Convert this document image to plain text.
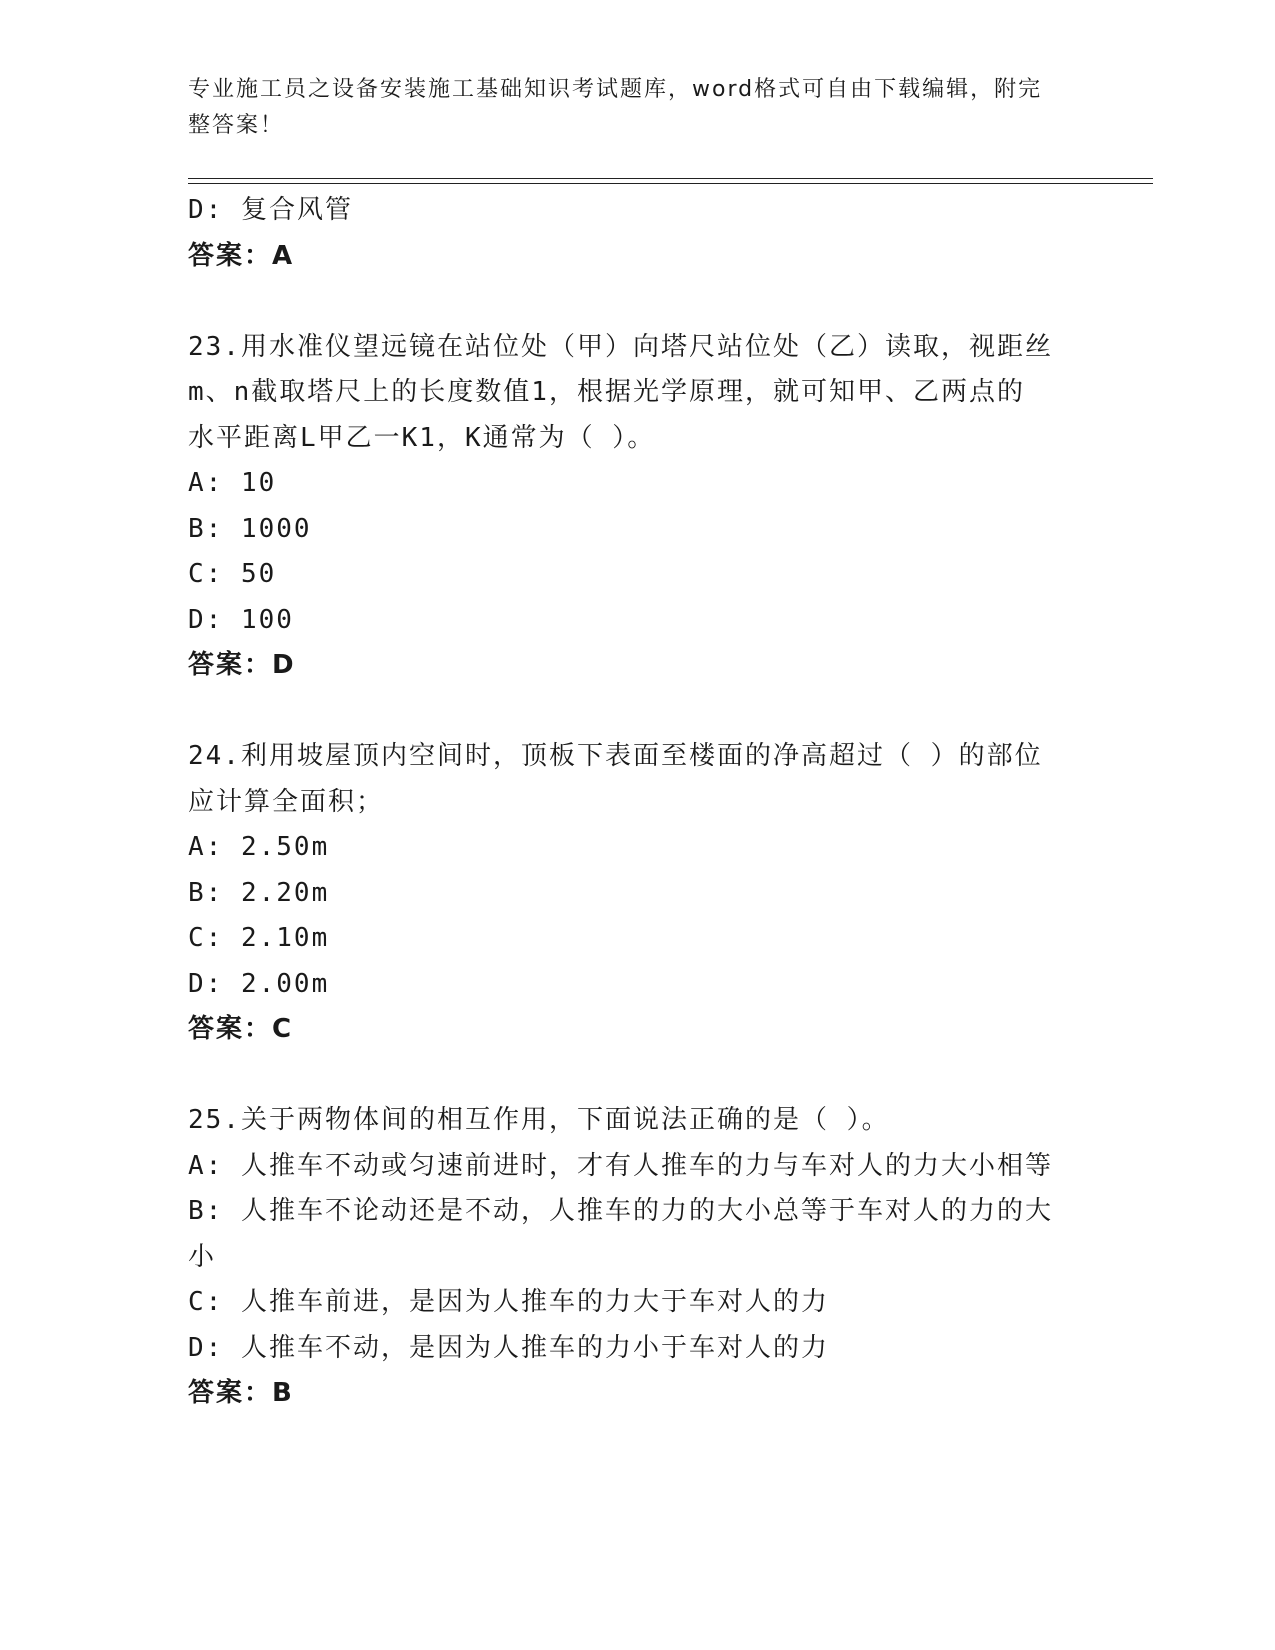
专业施工员之设备安装施工基础知识考试题库，word格式可自由下载编辑，附完
整答案！
D: 复合风管
答案：A
23.用水准仪望远镜在站位处（甲）向塔尺站位处（乙）读取，视距丝
m、n截取塔尺上的长度数值1，根据光学原理，就可知甲、乙两点的
水平距离L甲乙一K1，K通常为（ ）。
A: 10
B: 1000
C: 50
D: 100
答案：D
24.利用坡屋顶内空间时，顶板下表面至楼面的净高超过（ ）的部位
应计算全面积；
A: 2.50m
B: 2.20m
C: 2.10m
D: 2.00m
答案：C
25.关于两物体间的相互作用，下面说法正确的是（ ）。
A: 人推车不动或匀速前进时，才有人推车的力与车对人的力大小相等
B: 人推车不论动还是不动，人推车的力的大小总等于车对人的力的大
小
C: 人推车前进，是因为人推车的力大于车对人的力
D: 人推车不动，是因为人推车的力小于车对人的力
答案：B
